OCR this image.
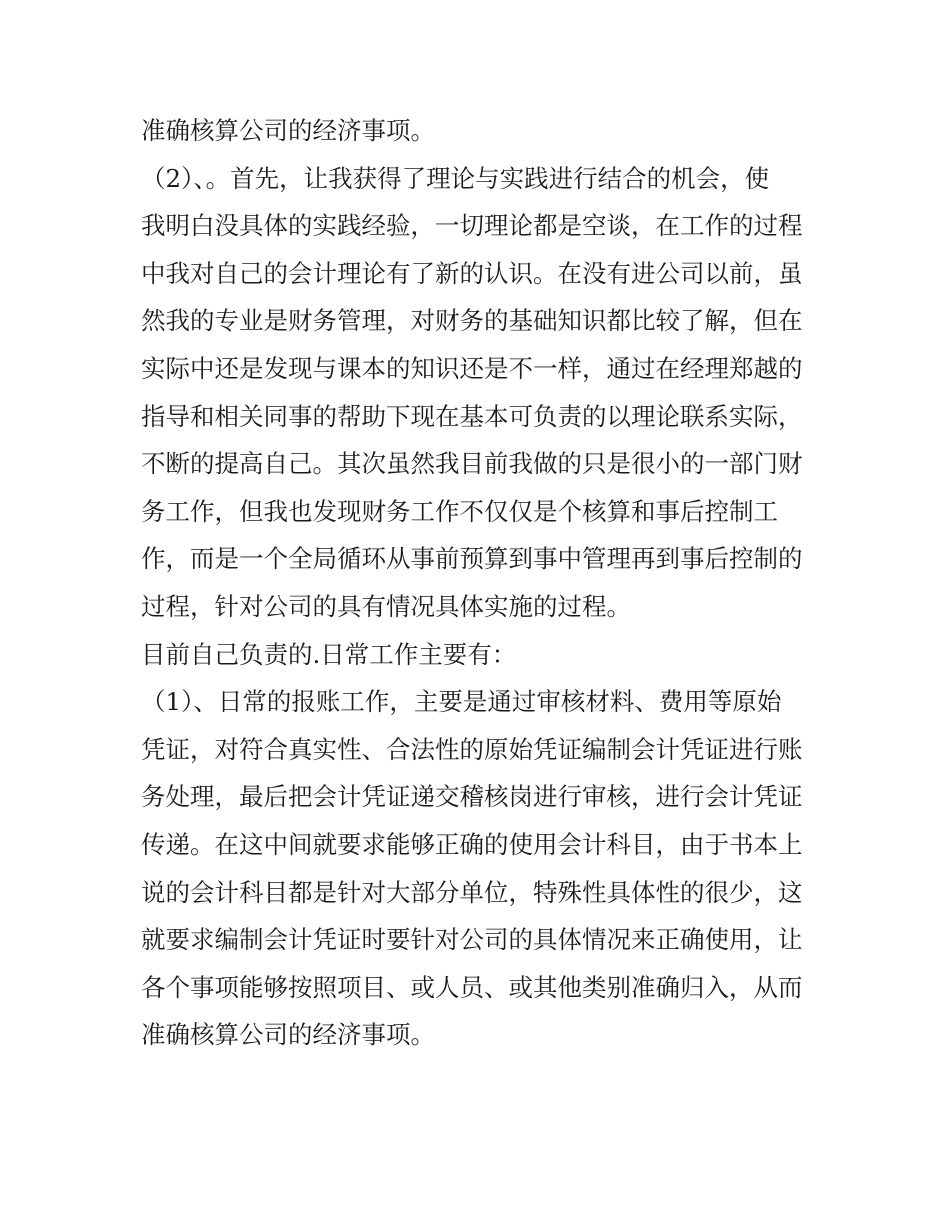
准确核算公司的经济事项。
（2）、。首先，让我获得了理论与实践进行结合的机会，使
我明白没具体的实践经验，一切理论都是空谈，在工作的过程
中我对自己的会计理论有了新的认识。在没有进公司以前，虽
然我的专业是财务管理，对财务的基础知识都比较了解，但在
实际中还是发现与课本的知识还是不一样，通过在经理郑越的
指导和相关同事的帮助下现在基本可负责的以理论联系实际，
不断的提高自己。其次虽然我目前我做的只是很小的一部门财
务工作，但我也发现财务工作不仅仅是个核算和事后控制工
作，而是一个全局循环从事前预算到事中管理再到事后控制的
过程，针对公司的具有情况具体实施的过程。
目前自己负责的.日常工作主要有：
（1）、日常的报账工作，主要是通过审核材料、费用等原始
凭证，对符合真实性、合法性的原始凭证编制会计凭证进行账
务处理，最后把会计凭证递交稽核岗进行审核，进行会计凭证
传递。在这中间就要求能够正确的使用会计科目，由于书本上
说的会计科目都是针对大部分单位，特殊性具体性的很少，这
就要求编制会计凭证时要针对公司的具体情况来正确使用，让
各个事项能够按照项目、或人员、或其他类别准确归入，从而
准确核算公司的经济事项。
